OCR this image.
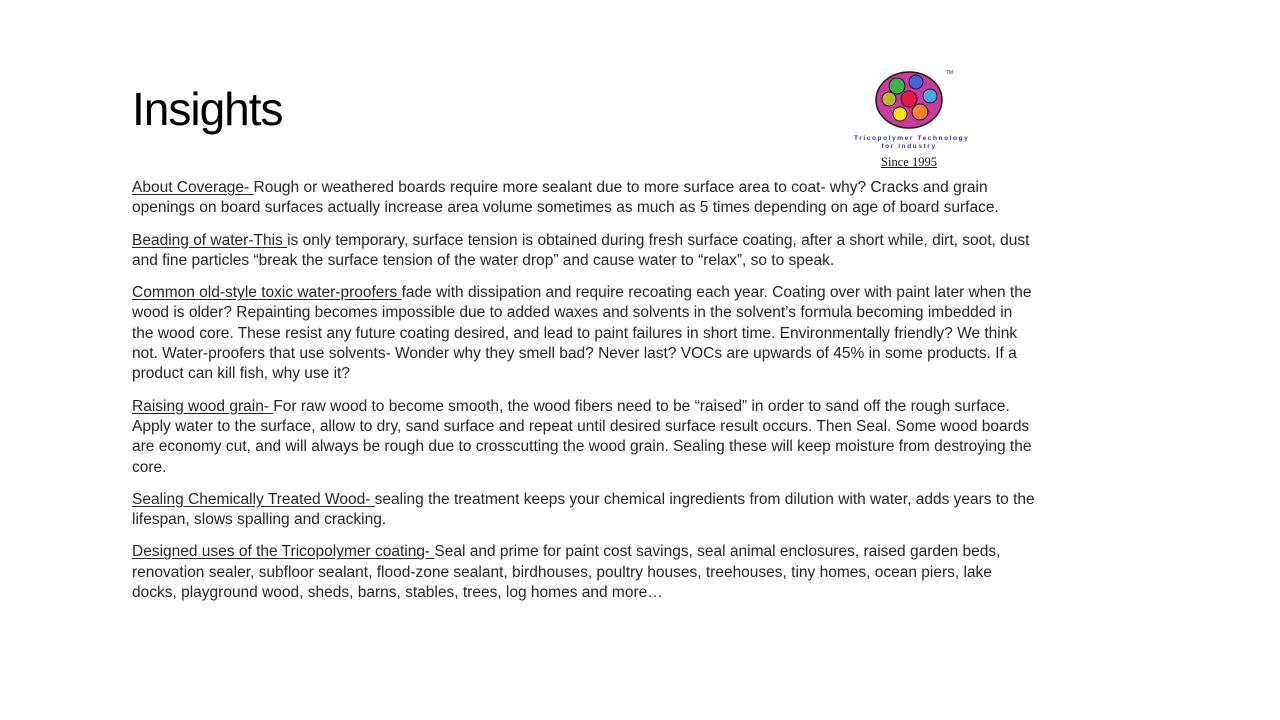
Insights
TM
Tricopolymer Technology
for Industry
Since 1995

About Coverage- Rough or weathered boards require more sealant due to more surface area to coat- why? Cracks and grain openings on board surfaces actually increase area volume sometimes as much as 5 times depending on age of board surface.

Beading of water-This is only temporary, surface tension is obtained during fresh surface coating, after a short while, dirt, soot, dust and fine particles “break the surface tension of the water drop” and cause water to “relax”, so to speak.

Common old-style toxic water-proofers fade with dissipation and require recoating each year. Coating over with paint later when the wood is older? Repainting becomes impossible due to added waxes and solvents in the solvent’s formula becoming imbedded in the wood core. These resist any future coating desired, and lead to paint failures in short time. Environmentally friendly? We think not. Water-proofers that use solvents- Wonder why they smell bad? Never last? VOCs are upwards of 45% in some products. If a product can kill fish, why use it?

Raising wood grain- For raw wood to become smooth, the wood fibers need to be “raised” in order to sand off the rough surface. Apply water to the surface, allow to dry, sand surface and repeat until desired surface result occurs. Then Seal. Some wood boards are economy cut, and will always be rough due to crosscutting the wood grain. Sealing these will keep moisture from destroying the core.

Sealing Chemically Treated Wood- sealing the treatment keeps your chemical ingredients from dilution with water, adds years to the lifespan, slows spalling and cracking.

Designed uses of the Tricopolymer coating- Seal and prime for paint cost savings, seal animal enclosures, raised garden beds, renovation sealer, subfloor sealant, flood-zone sealant, birdhouses, poultry houses, treehouses, tiny homes, ocean piers, lake docks, playground wood, sheds, barns, stables, trees, log homes and more…
